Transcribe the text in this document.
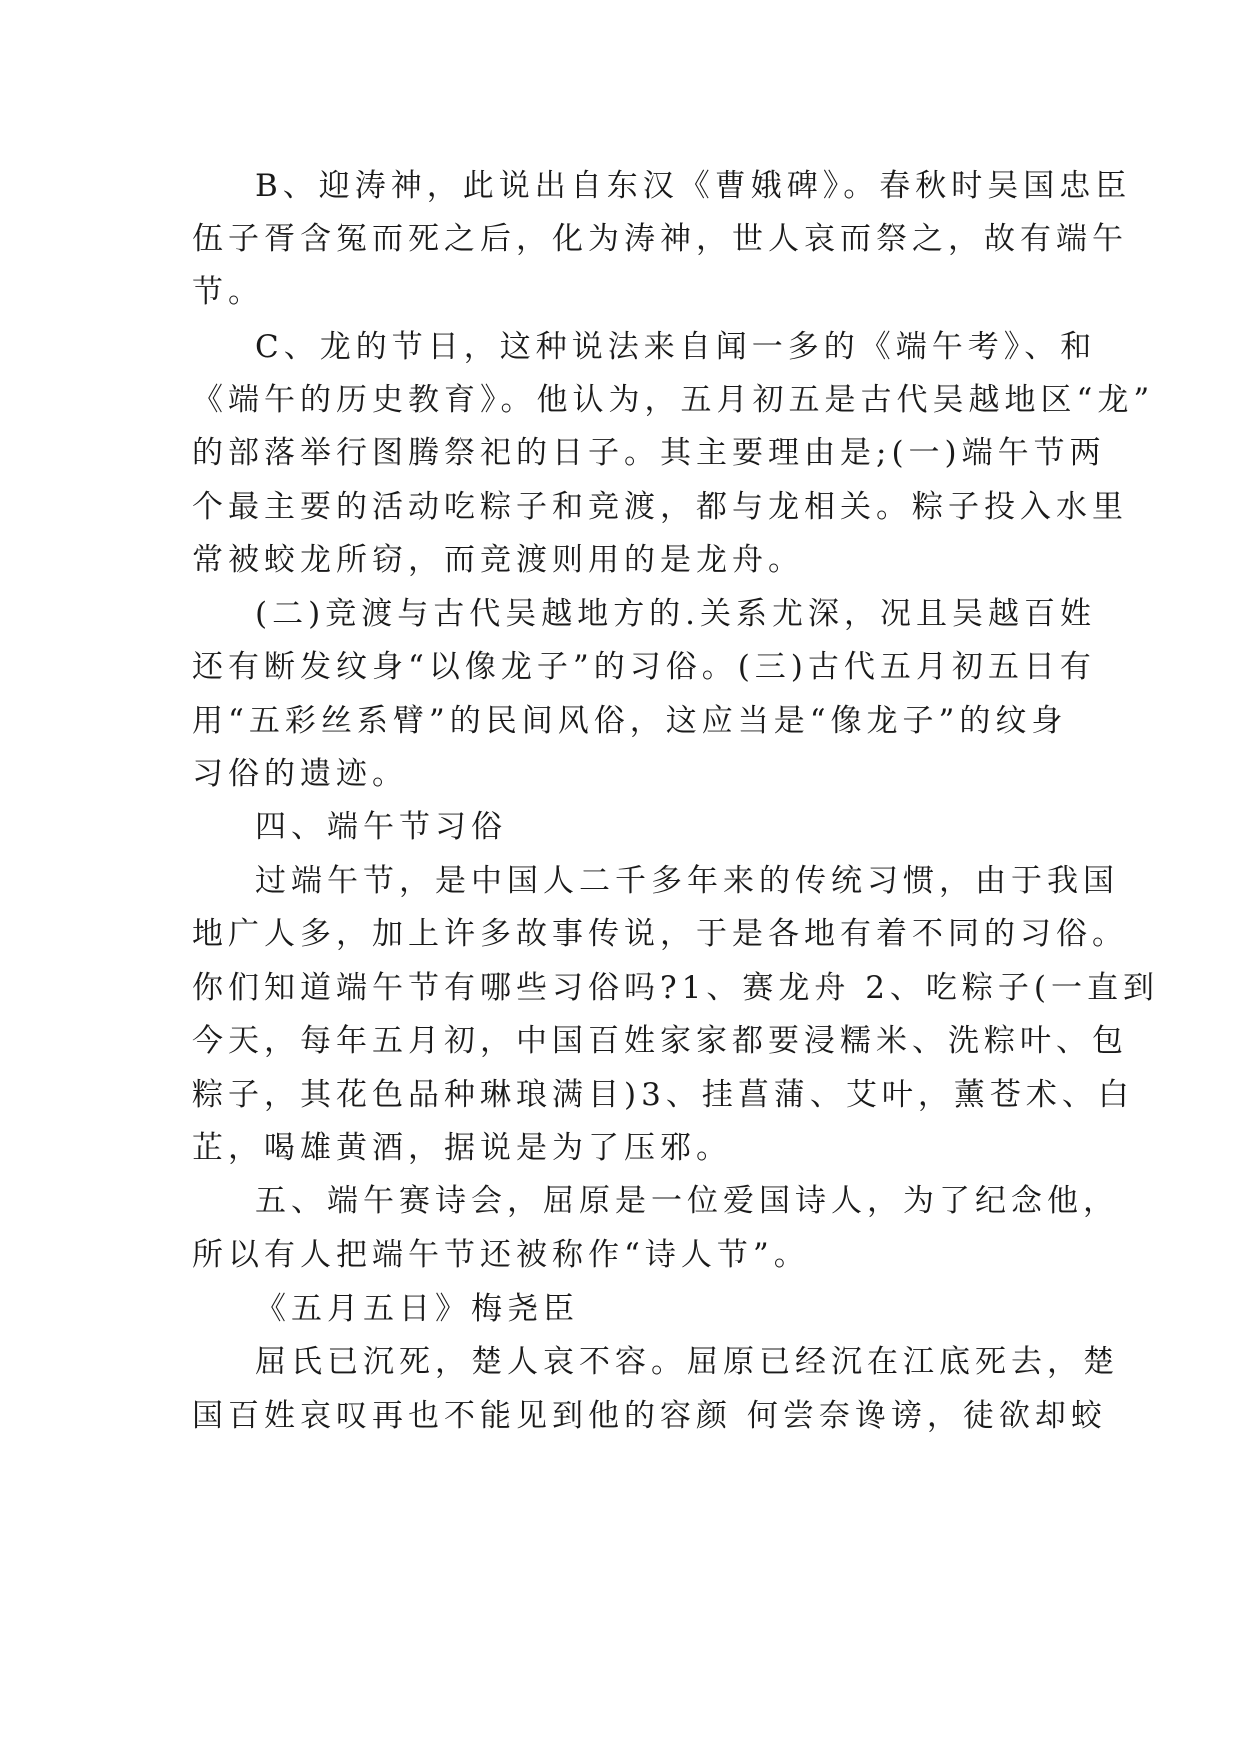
B、迎涛神，此说出自东汉《曹娥碑》。春秋时吴国忠臣
伍子胥含冤而死之后，化为涛神，世人哀而祭之，故有端午
节。
C、龙的节日，这种说法来自闻一多的《端午考》、和
《端午的历史教育》。他认为，五月初五是古代吴越地区“龙”
的部落举行图腾祭祀的日子。其主要理由是;(一)端午节两
个最主要的活动吃粽子和竞渡，都与龙相关。粽子投入水里
常被蛟龙所窃，而竞渡则用的是龙舟。
(二)竞渡与古代吴越地方的.关系尤深，况且吴越百姓
还有断发纹身“以像龙子”的习俗。(三)古代五月初五日有
用“五彩丝系臂”的民间风俗，这应当是“像龙子”的纹身
习俗的遗迹。
四、端午节习俗
过端午节，是中国人二千多年来的传统习惯，由于我国
地广人多，加上许多故事传说，于是各地有着不同的习俗。
你们知道端午节有哪些习俗吗?1、赛龙舟 2、吃粽子(一直到
今天，每年五月初，中国百姓家家都要浸糯米、洗粽叶、包
粽子，其花色品种琳琅满目)3、挂菖蒲、艾叶，薰苍术、白
芷，喝雄黄酒，据说是为了压邪。
五、端午赛诗会，屈原是一位爱国诗人，为了纪念他，
所以有人把端午节还被称作“诗人节”。
《五月五日》梅尧臣
屈氏已沉死，楚人哀不容。屈原已经沉在江底死去，楚
国百姓哀叹再也不能见到他的容颜 何尝奈谗谤，徒欲却蛟
